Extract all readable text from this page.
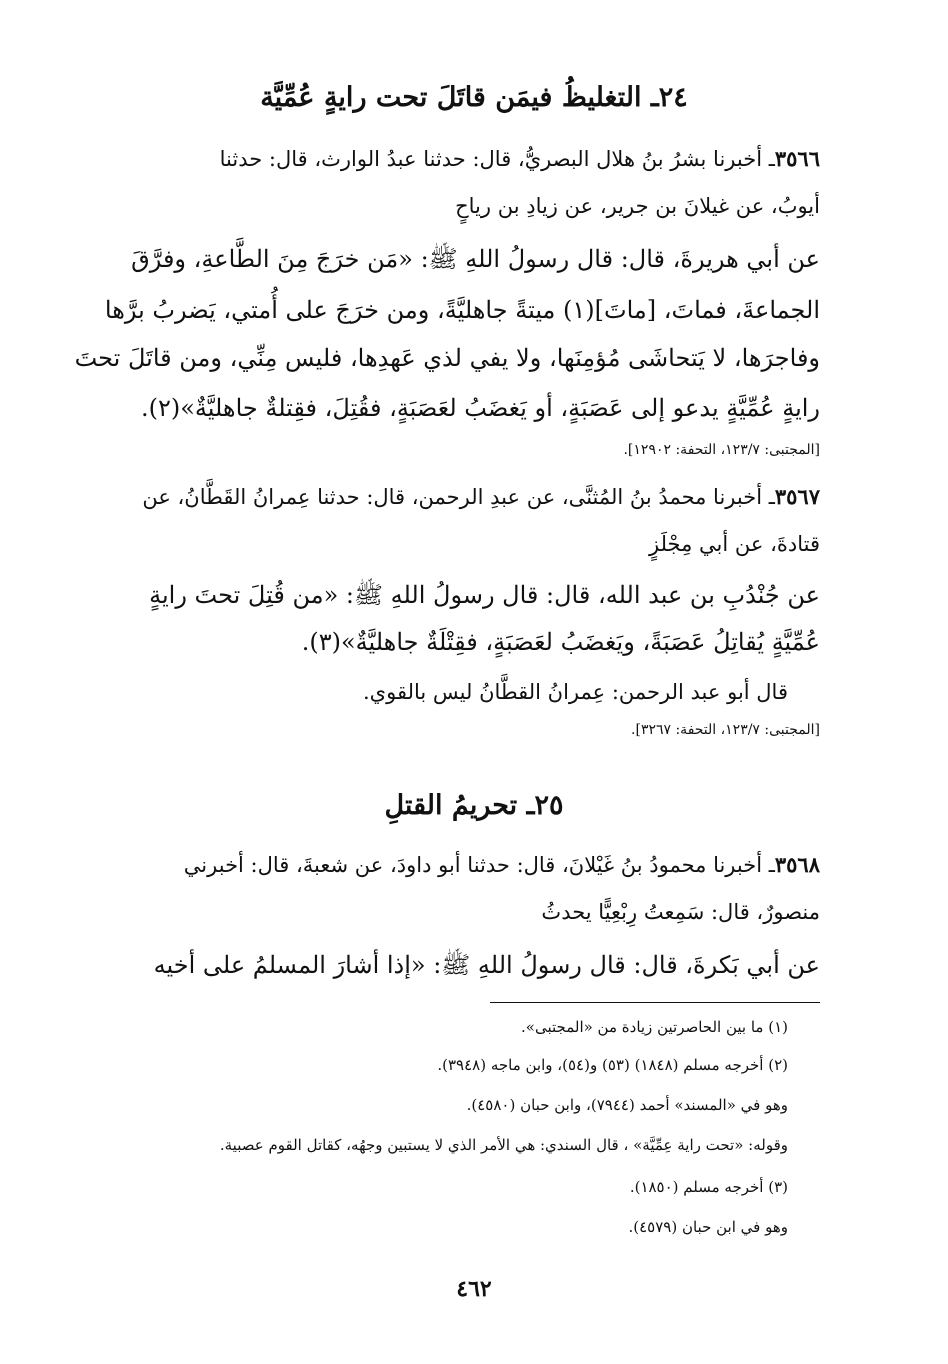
٢٤ـ التغليظُ فيمَن قاتَلَ تحت رايةٍ عُمِّيَّة
٣٥٦٦ـ أخبرنا بشرُ بنُ هلال البصريُّ، قال: حدثنا عبدُ الوارث، قال: حدثنا
أيوبُ، عن غيلانَ بن جرير، عن زيادِ بن رياحٍ
عن أبي هريرةَ، قال: قال رسولُ اللهِ ﷺ: «مَن خرَجَ مِنَ الطَّاعةِ، وفرَّقَ
الجماعةَ، فماتَ، [ماتَ](١) ميتةً جاهليَّةً، ومن خرَجَ على أُمتي، يَضربُ برَّها
وفاجرَها، لا يَتحاشَى مُؤمِنَها، ولا يفي لذي عَهدِها، فليس مِنِّي، ومن قاتَلَ تحتَ
رايةٍ عُمِّيَّةٍ يدعو إلى عَصَبَةٍ، أو يَغضَبُ لعَصَبَةٍ، فقُتِلَ، فقِتلةٌ جاهليَّةٌ»(٢).
[المجتبى: ١٢٣/٧، التحفة: ١٢٩٠٢].
٣٥٦٧ـ أخبرنا محمدُ بنُ المُثنَّى، عن عبدِ الرحمن، قال: حدثنا عِمرانُ القَطَّانُ، عن
قتادةَ، عن أبي مِجْلَزٍ
عن جُنْدُبِ بن عبد الله، قال: قال رسولُ اللهِ ﷺ: «من قُتِلَ تحتَ رايةٍ
عُمِّيَّةٍ يُقاتِلُ عَصَبَةً، ويَغضَبُ لعَصَبَةٍ، فقِتْلَةٌ جاهليَّةٌ»(٣).
قال أبو عبد الرحمن: عِمرانُ القطَّانُ ليس بالقوي.
[المجتبى: ١٢٣/٧، التحفة: ٣٢٦٧].
٢٥ـ تحريمُ القتلِ
٣٥٦٨ـ أخبرنا محمودُ بنُ غَيْلانَ، قال: حدثنا أبو داودَ، عن شعبةَ، قال: أخبرني
منصورٌ، قال: سَمِعتُ رِبْعِيًّا يحدثُ
عن أبي بَكرةَ، قال: قال رسولُ اللهِ ﷺ: «إذا أشارَ المسلمُ على أخيه
(١) ما بين الحاصرتين زيادة من «المجتبى».
(٢) أخرجه مسلم (١٨٤٨) (٥٣) و(٥٤)، وابن ماجه (٣٩٤٨).
وهو في «المسند» أحمد (٧٩٤٤)، وابن حبان (٤٥٨٠).
وقوله: «تحت راية عِمِّيَّة» ، قال السندي: هي الأمر الذي لا يستبين وجهُه، كقاتل القوم عصبية.
(٣) أخرجه مسلم (١٨٥٠).
وهو في ابن حبان (٤٥٧٩).
٤٦٢
